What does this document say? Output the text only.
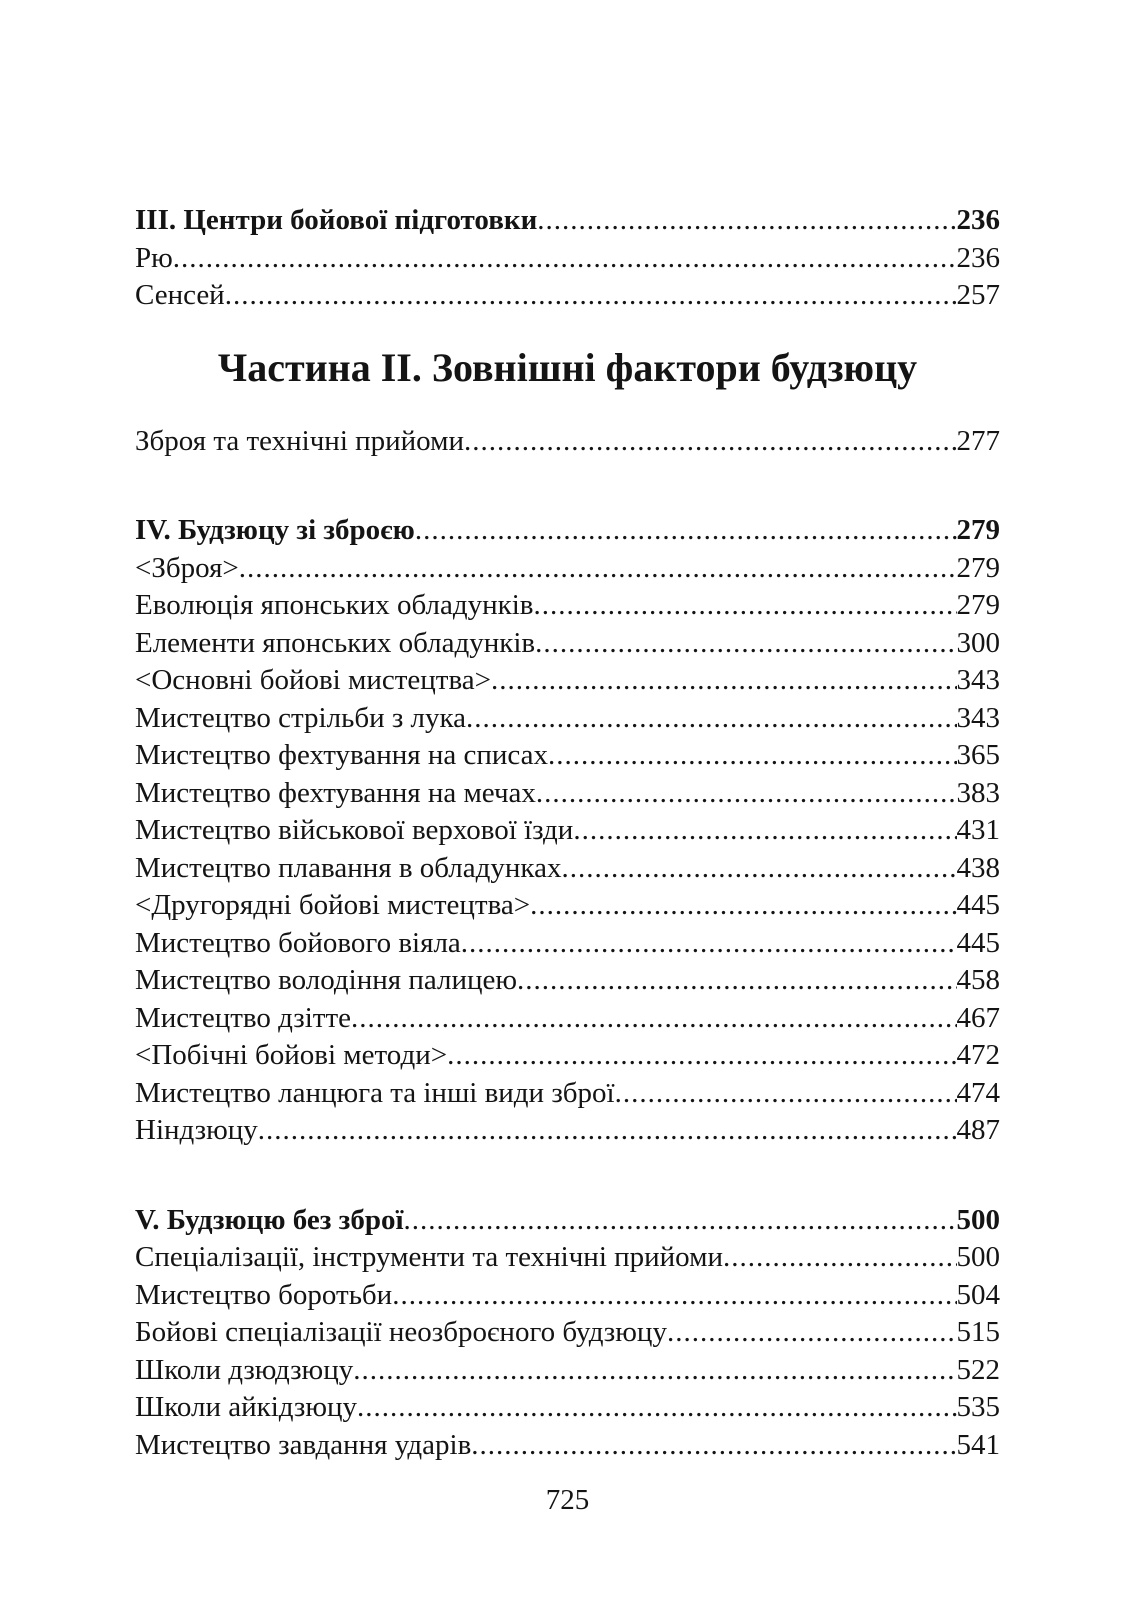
III. Центри бойової підготовки .....	236
Рю .....	236
Сенсей .....	257
Частина II. Зовнішні фактори будзюцу
Зброя та технічні прийоми .....	277
IV. Будзюцу зі зброєю .....	279
<Зброя> .....	279
Еволюція японських обладунків .....	279
Елементи японських обладунків .....	300
<Основні бойові мистецтва> .....	343
Мистецтво стрільби з лука .....	343
Мистецтво фехтування на списах .....	365
Мистецтво фехтування на мечах .....	383
Мистецтво військової верхової їзди .....	431
Мистецтво плавання в обладунках .....	438
<Другорядні бойові мистецтва> .....	445
Мистецтво бойового віяла .....	445
Мистецтво володіння палицею .....	458
Мистецтво дзітте .....	467
<Побічні бойові методи> .....	472
Мистецтво ланцюга та інші види зброї .....	474
Ніндзюцу .....	487
V. Будзюцю без зброї .....	500
Спеціалізації, інструменти та технічні прийоми .....	500
Мистецтво боротьби .....	504
Бойові спеціалізації неозброєного будзюцу .....	515
Школи дзюдзюцу .....	522
Школи айкідзюцу .....	535
Мистецтво завдання ударів .....	541
725
